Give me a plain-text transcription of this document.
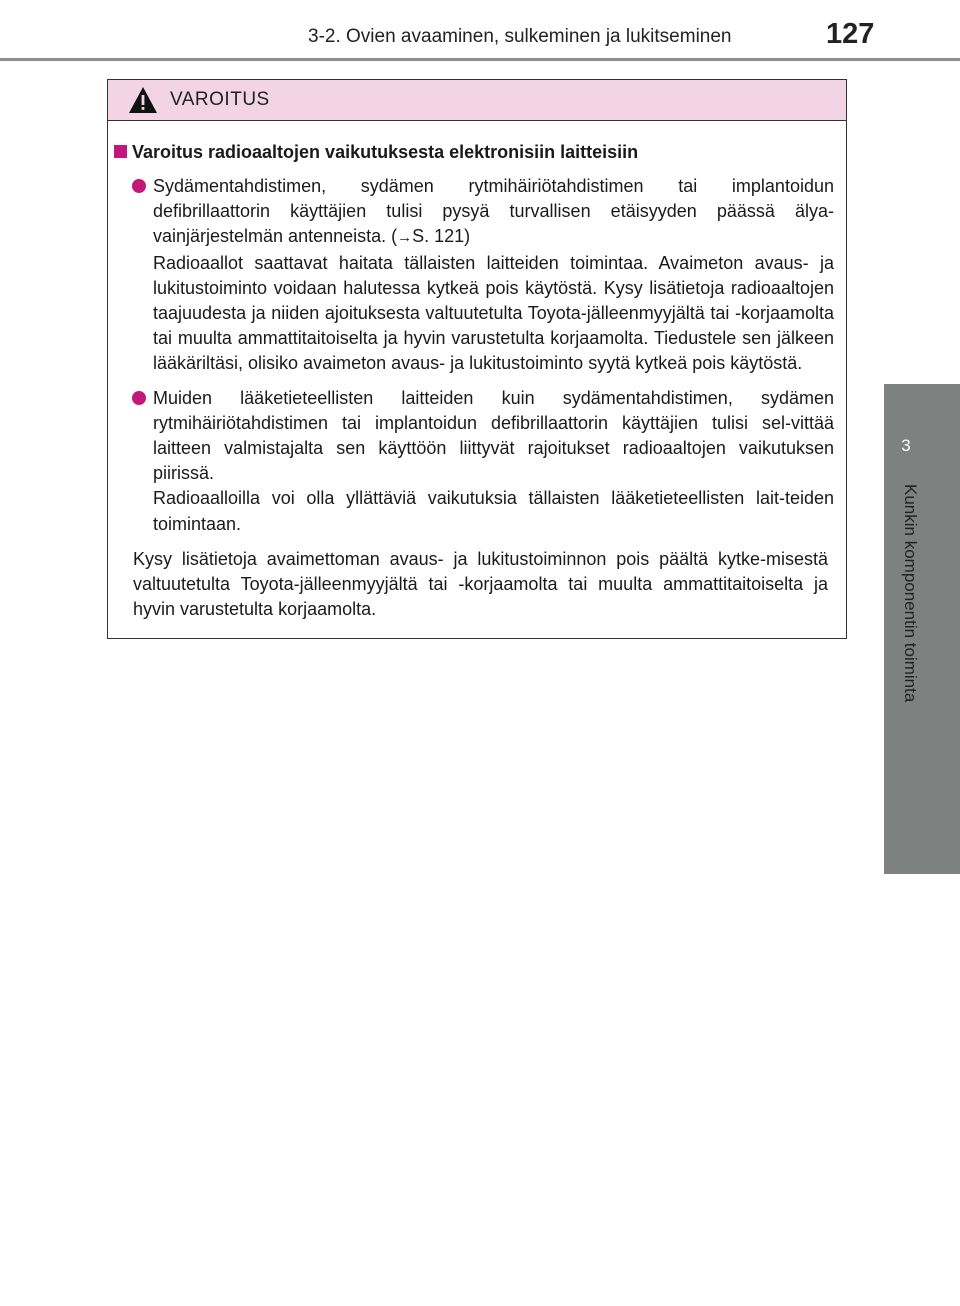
3-2. Ovien avaaminen, sulkeminen ja lukitseminen	127
3
Kunkin komponentin toiminta
VAROITUS
Varoitus radioaaltojen vaikutuksesta elektronisiin laitteisiin

Sydämentahdistimen, sydämen rytmihäiriötahdistimen tai implantoidun defibrillaattorin käyttäjien tulisi pysyä turvallisen etäisyyden päässä älya-vainjärjestelmän antenneista. (→S. 121)

Radioaallot saattavat haitata tällaisten laitteiden toimintaa. Avaimeton avaus- ja lukitustoiminto voidaan halutessa kytkeä pois käytöstä. Kysy lisätietoja radioaaltojen taajuudesta ja niiden ajoituksesta valtuutetulta Toyota-jälleenmyyjältä tai -korjaamolta tai muulta ammattitaitoiselta ja hyvin varustetulta korjaamolta. Tiedustele sen jälkeen lääkäriltäsi, olisiko avaimeton avaus- ja lukitustoiminto syytä kytkeä pois käytöstä.

Muiden lääketieteellisten laitteiden kuin sydämentahdistimen, sydämen rytmihäiriötahdistimen tai implantoidun defibrillaattorin käyttäjien tulisi sel-vittää laitteen valmistajalta sen käyttöön liittyvät rajoitukset radioaaltojen vaikutuksen piirissä.

Radioaalloilla voi olla yllättäviä vaikutuksia tällaisten lääketieteellisten lait-teiden toimintaan.

Kysy lisätietoja avaimettoman avaus- ja lukitustoiminnon pois päältä kytke-misestä valtuutetulta Toyota-jälleenmyyjältä tai -korjaamolta tai muulta ammattitaitoiselta ja hyvin varustetulta korjaamolta.
